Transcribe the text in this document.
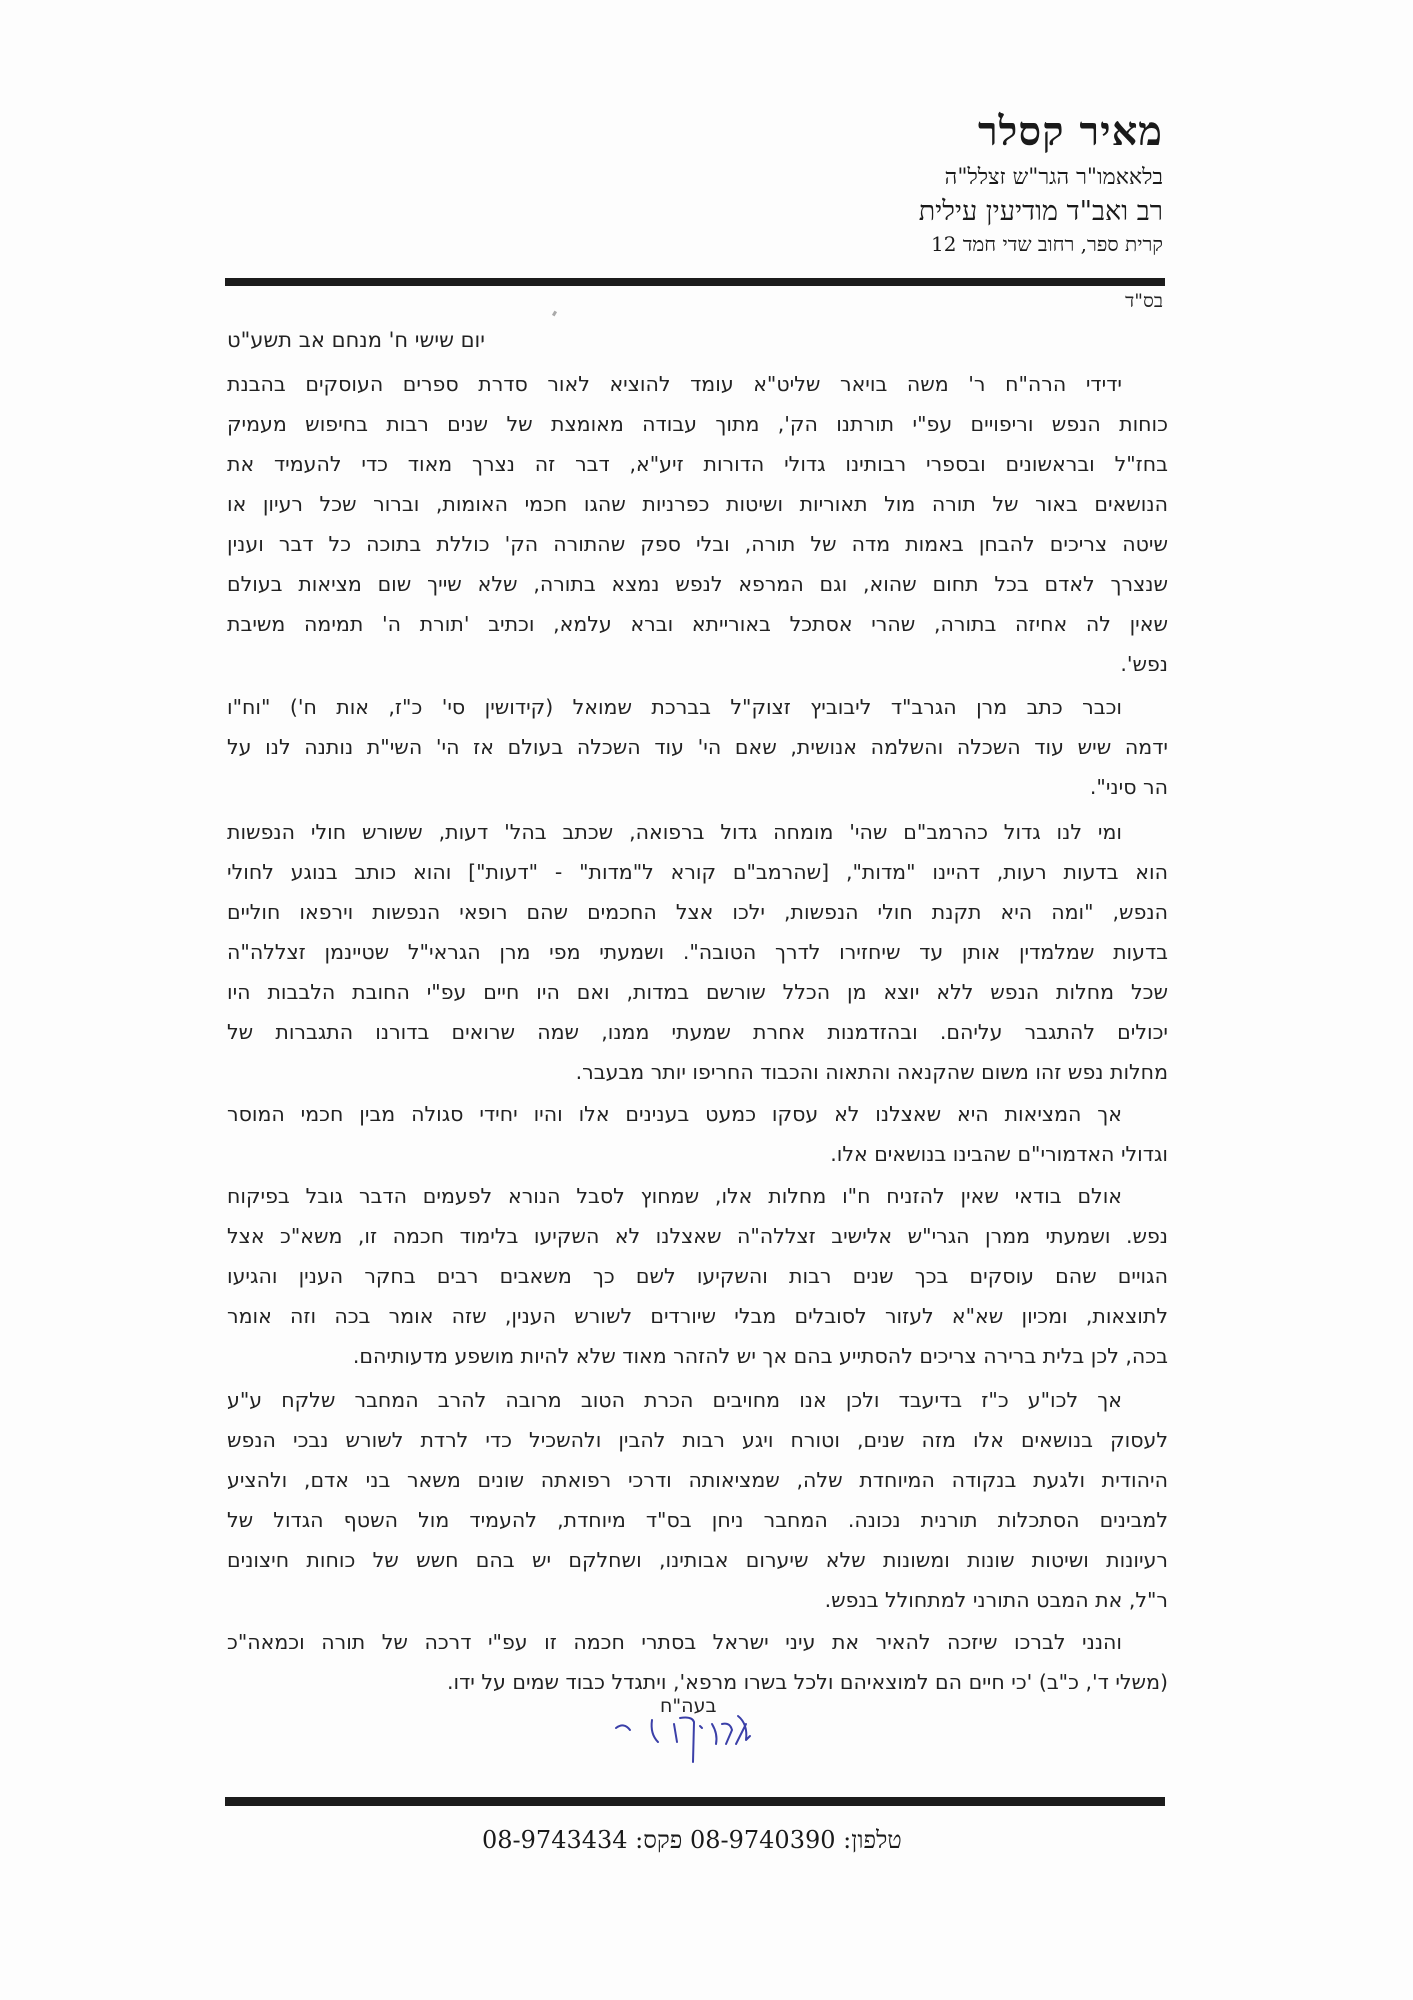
מאיר קסלר
בלאאמו"ר הגר"ש זצלל"ה
רב ואב"ד מודיעין עילית
קרית ספר, רחוב שדי חמד 12
בס"ד
יום שישי ח' מנחם אב תשע"ט
ידידי הרה"ח ר' משה בויאר שליט"א עומד להוציא לאור סדרת ספרים העוסקים בהבנת
כוחות הנפש וריפויים עפ"י תורתנו הק', מתוך עבודה מאומצת של שנים רבות בחיפוש מעמיק
בחז"ל ובראשונים ובספרי רבותינו גדולי הדורות זיע"א, דבר זה נצרך מאוד כדי להעמיד את
הנושאים באור של תורה מול תאוריות ושיטות כפרניות שהגו חכמי האומות, וברור שכל רעיון או
שיטה צריכים להבחן באמות מדה של תורה, ובלי ספק שהתורה הק' כוללת בתוכה כל דבר וענין
שנצרך לאדם בכל תחום שהוא, וגם המרפא לנפש נמצא בתורה, שלא שייך שום מציאות בעולם
שאין לה אחיזה בתורה, שהרי אסתכל באורייתא וברא עלמא, וכתיב 'תורת ה' תמימה משיבת
נפש'.
וכבר כתב מרן הגרב"ד ליבוביץ זצוק"ל בברכת שמואל (קידושין סי' כ"ז, אות ח') "וח"ו
ידמה שיש עוד השכלה והשלמה אנושית, שאם הי' עוד השכלה בעולם אז הי' השי"ת נותנה לנו על
הר סיני".
ומי לנו גדול כהרמב"ם שהי' מומחה גדול ברפואה, שכתב בהל' דעות, ששורש חולי הנפשות
הוא בדעות רעות, דהיינו "מדות", [שהרמב"ם קורא ל"מדות" - "דעות"] והוא כותב בנוגע לחולי
הנפש, "ומה היא תקנת חולי הנפשות, ילכו אצל החכמים שהם רופאי הנפשות וירפאו חוליים
בדעות שמלמדין אותן עד שיחזירו לדרך הטובה". ושמעתי מפי מרן הגראי"ל שטיינמן זצללה"ה
שכל מחלות הנפש ללא יוצא מן הכלל שורשם במדות, ואם היו חיים עפ"י החובת הלבבות היו
יכולים להתגבר עליהם. ובהזדמנות אחרת שמעתי ממנו, שמה שרואים בדורנו התגברות של
מחלות נפש זהו משום שהקנאה והתאוה והכבוד החריפו יותר מבעבר.
אך המציאות היא שאצלנו לא עסקו כמעט בענינים אלו והיו יחידי סגולה מבין חכמי המוסר
וגדולי האדמורי"ם שהבינו בנושאים אלו.
אולם בודאי שאין להזניח ח"ו מחלות אלו, שמחוץ לסבל הנורא לפעמים הדבר גובל בפיקוח
נפש. ושמעתי ממרן הגרי"ש אלישיב זצללה"ה שאצלנו לא השקיעו בלימוד חכמה זו, משא"כ אצל
הגויים שהם עוסקים בכך שנים רבות והשקיעו לשם כך משאבים רבים בחקר הענין והגיעו
לתוצאות, ומכיון שא"א לעזור לסובלים מבלי שיורדים לשורש הענין, שזה אומר בכה וזה אומר
בכה, לכן בלית ברירה צריכים להסתייע בהם אך יש להזהר מאוד שלא להיות מושפע מדעותיהם.
אך לכו"ע כ"ז בדיעבד ולכן אנו מחויבים הכרת הטוב מרובה להרב המחבר שלקח ע"ע
לעסוק בנושאים אלו מזה שנים, וטורח ויגע רבות להבין ולהשכיל כדי לרדת לשורש נבכי הנפש
היהודית ולגעת בנקודה המיוחדת שלה, שמציאותה ודרכי רפואתה שונים משאר בני אדם, ולהציע
למבינים הסתכלות תורנית נכונה. המחבר ניחן בס"ד מיוחדת, להעמיד מול השטף הגדול של
רעיונות ושיטות שונות ומשונות שלא שיערום אבותינו, ושחלקם יש בהם חשש של כוחות חיצונים
ר"ל, את המבט התורני למתחולל בנפש.
והנני לברכו שיזכה להאיר את עיני ישראל בסתרי חכמה זו עפ"י דרכה של תורה וכמאה"כ
(משלי ד', כ"ב) 'כי חיים הם למוצאיהם ולכל בשרו מרפא', ויתגדל כבוד שמים על ידו.
בעה"ח
טלפון: 08-9740390 פקס: 08-9743434
